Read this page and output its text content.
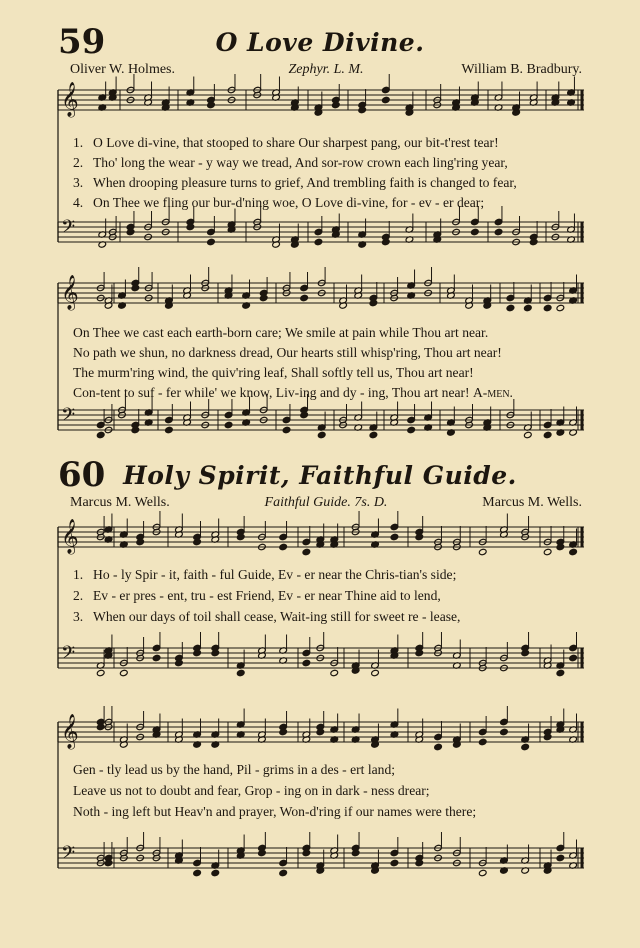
59	O Love Divine.
Oliver W. Holmes.	Zephyr. L. M.	William B. Bradbury.
𝄞
𝄢
𝄞
𝄢
𝄞
𝄢
𝄞
𝄢
1. O Love di-vine, that stooped to share Our sharpest pang, our bit-t'rest tear!
2. Tho' long the wear - y way we tread, And sor-row crown each ling'ring year,
3. When drooping pleasure turns to grief, And trembling faith is changed to fear,
4. On Thee we fling our bur-d'ning woe, O Love di-vine, for - ev - er dear;
On Thee we cast each earth-born care; We smile at pain while Thou art near.
No path we shun, no darkness dread, Our hearts still whisp'ring, Thou art near!
The murm'ring wind, the quiv'ring leaf, Shall softly tell us, Thou art near!
Con-tent to suf - fer while' we know, Liv-ing and dy - ing, Thou art near! A-men.
60 Holy Spirit, Faithful Guide.
Marcus M. Wells.	Faithful Guide. 7s. D.	Marcus M. Wells.
1. Ho - ly Spir - it, faith - ful Guide, Ev - er near the Chris-tian's side;
2. Ev - er pres - ent, tru - est Friend, Ev - er near Thine aid to lend,
3. When our days of toil shall cease, Wait-ing still for sweet re - lease,
Gen - tly lead us by the hand, Pil - grims in a des - ert land;
Leave us not to doubt and fear, Grop - ing on in dark - ness drear;
Noth - ing left but Heav'n and prayer, Won-d'ring if our names were there;
